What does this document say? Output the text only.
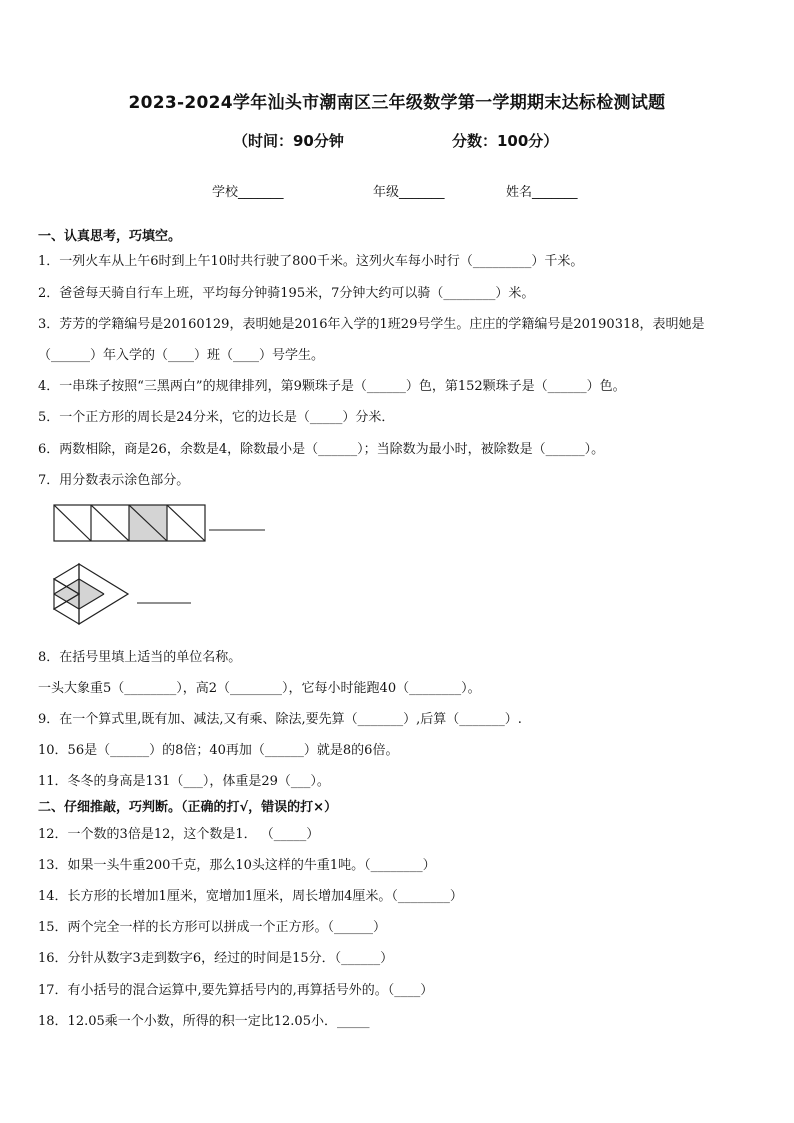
2023-2024学年汕头市潮南区三年级数学第一学期期末达标检测试题
（时间：90分钟	分数：100分）
学校_______	年级_______	姓名_______
一、认真思考，巧填空。
1．一列火车从上午6时到上午10时共行驶了800千米。这列火车每小时行（_________）千米。
2．爸爸每天骑自行车上班，平均每分钟骑195米，7分钟大约可以骑（________）米。
3．芳芳的学籍编号是20160129，表明她是2016年入学的1班29号学生。庄庄的学籍编号是20190318，表明她是
（______）年入学的（____）班（____）号学生。
4．一串珠子按照“三黑两白”的规律排列，第9颗珠子是（______）色，第152颗珠子是（______）色。
5．一个正方形的周长是24分米，它的边长是（_____）分米．
6．两数相除，商是26，余数是4，除数最小是（______）；当除数为最小时，被除数是（______）。
7．用分数表示涂色部分。
8．在括号里填上适当的单位名称。
一头大象重5（________），高2（________），它每小时能跑40（________）。
9．在一个算式里,既有加、减法,又有乘、除法,要先算（_______）,后算（_______）.
10．56是（______）的8倍；40再加（______）就是8的6倍。
11．冬冬的身高是131（___），体重是29（___）。
二、仔细推敲，巧判断。（正确的打√，错误的打×）
12．一个数的3倍是12，这个数是1． （_____）
13．如果一头牛重200千克，那么10头这样的牛重1吨。（________）
14．长方形的长增加1厘米，宽增加1厘米，周长增加4厘米。（________）
15．两个完全一样的长方形可以拼成一个正方形。（______）
16．分针从数字3走到数字6，经过的时间是15分．（______）
17．有小括号的混合运算中,要先算括号内的,再算括号外的。（____）
18．12.05乘一个小数，所得的积一定比12.05小．_____
